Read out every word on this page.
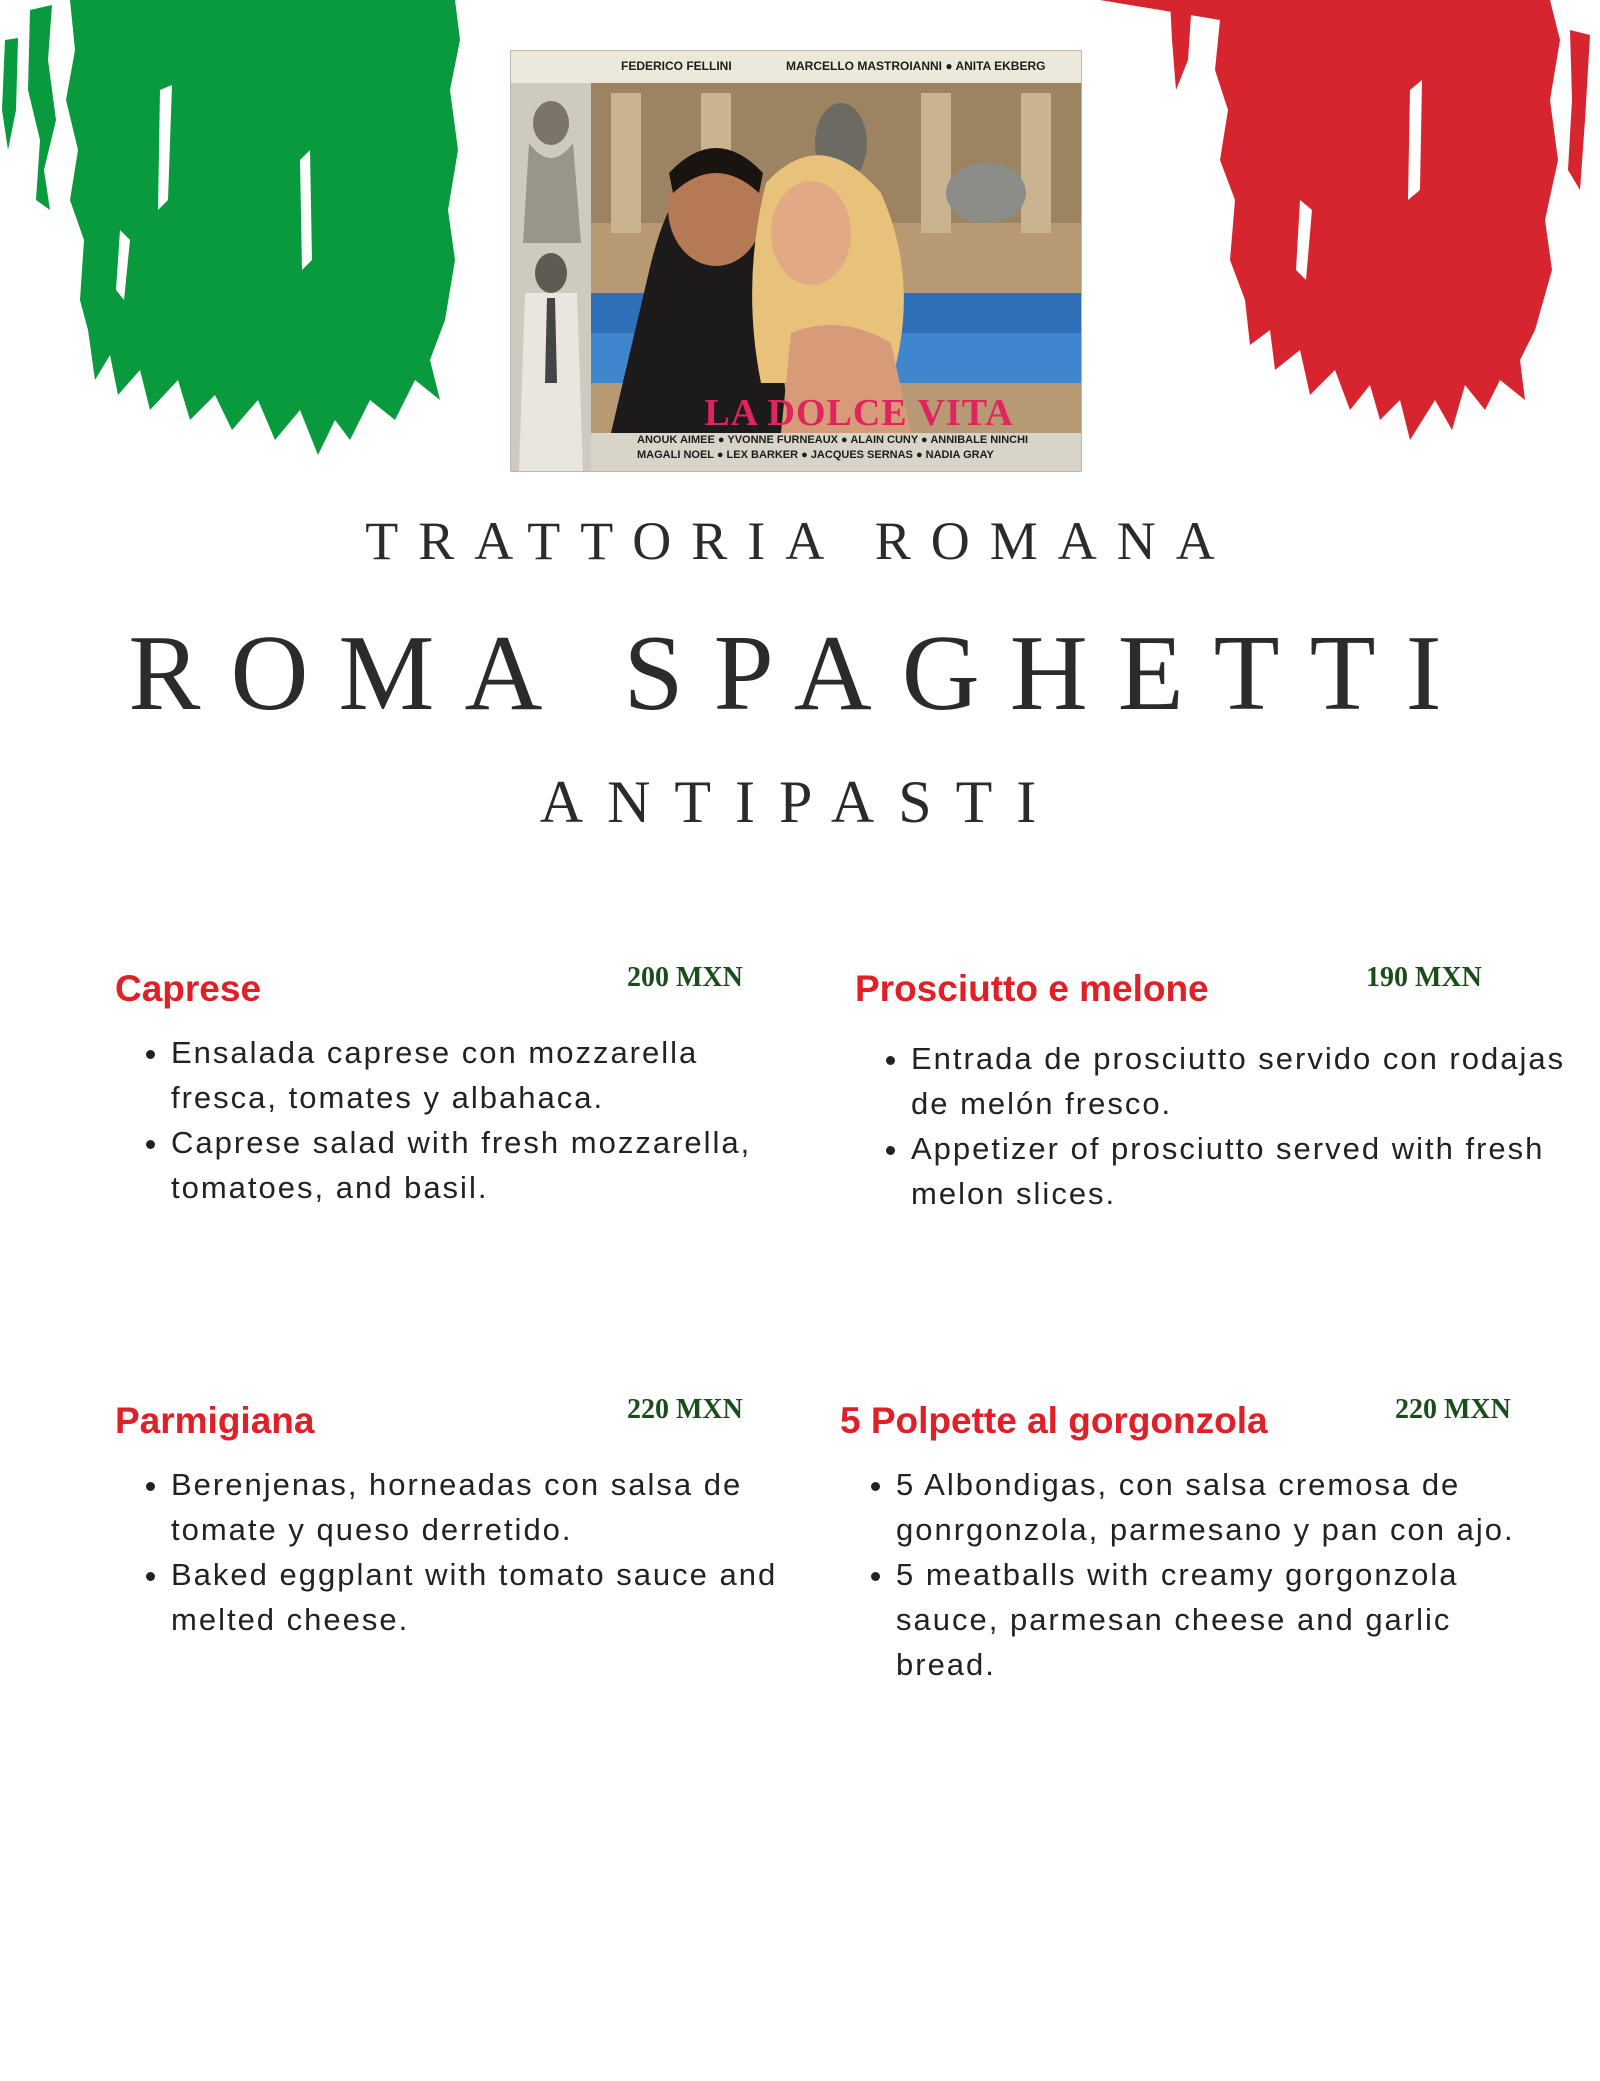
FEDERICO FELLINI	MARCELLO MASTROIANNI ● ANITA EKBERG
LA DOLCE VITA
ANOUK AIMEE ● YVONNE FURNEAUX ● ALAIN CUNY ● ANNIBALE NINCHI
MAGALI NOEL ● LEX BARKER ● JACQUES SERNAS ● NADIA GRAY
TRATTORIA ROMANA
ROMA SPAGHETTI
ANTIPASTI
Caprese	200 MXN
• Ensalada caprese con mozzarella fresca, tomates y albahaca.
• Caprese salad with fresh mozzarella, tomatoes, and basil.
Prosciutto e melone	190 MXN
• Entrada de prosciutto servido con rodajas de melón fresco.
• Appetizer of prosciutto served with fresh melon slices.
Parmigiana	220 MXN
• Berenjenas, horneadas con salsa de tomate y queso derretido.
• Baked eggplant with tomato sauce and melted cheese.
5 Polpette al gorgonzola	220 MXN
• 5 Albondigas, con salsa cremosa de gonrgonzola, parmesano y pan con ajo.
• 5 meatballs with creamy gorgonzola sauce, parmesan cheese and garlic bread.
